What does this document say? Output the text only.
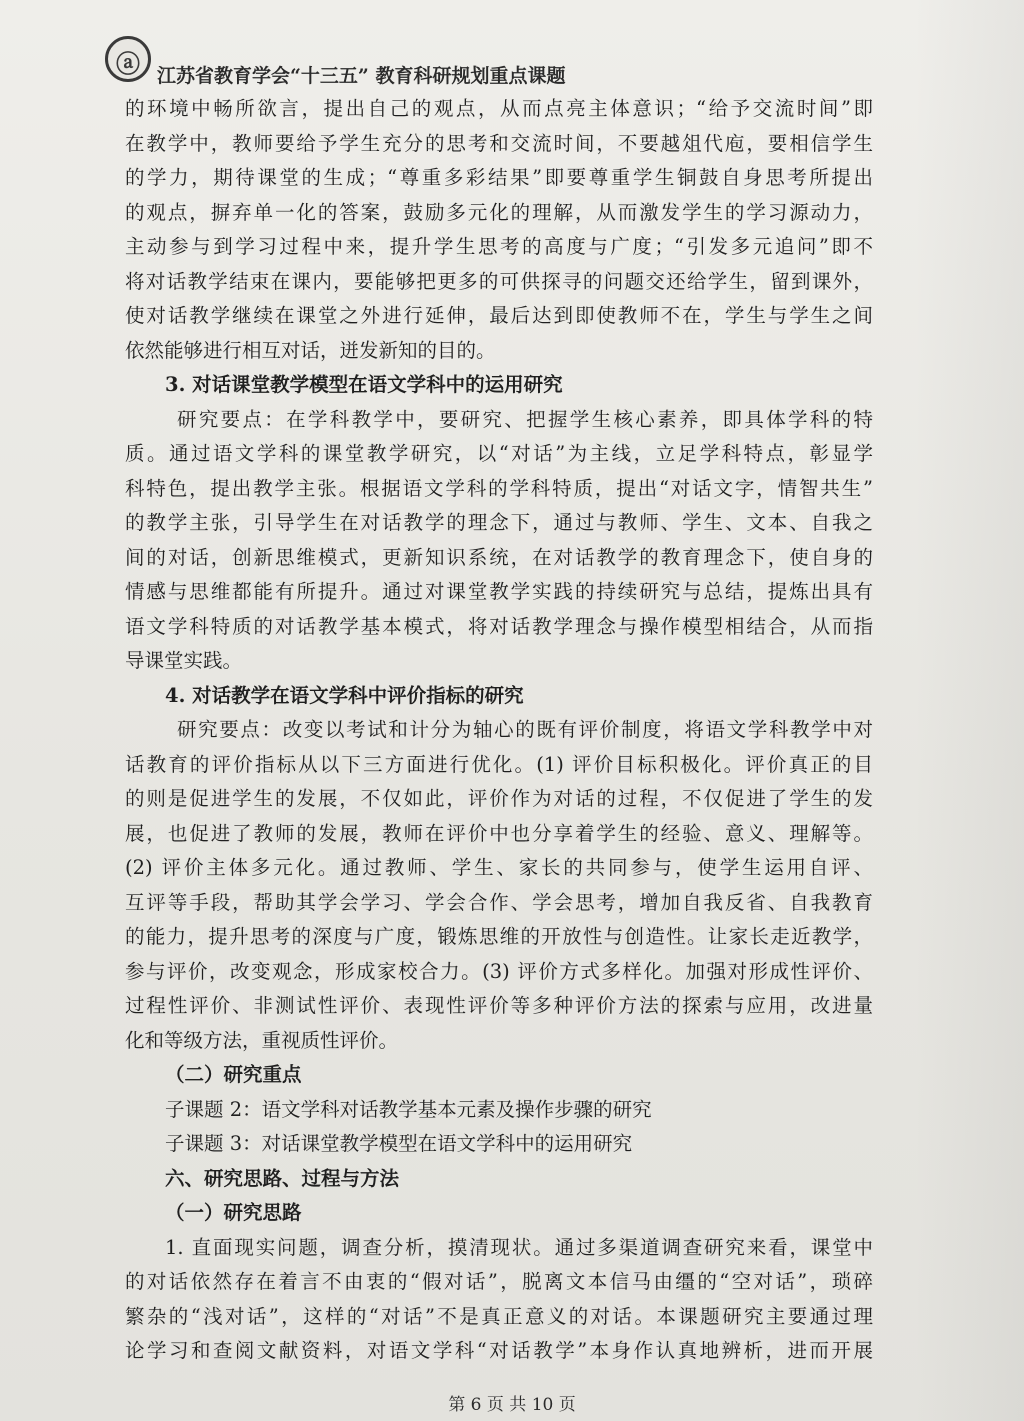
ⓐ 江苏省教育学会“十三五” 教育科研规划重点课题
的环境中畅所欲言，提出自己的观点，从而点亮主体意识；“给予交流时间”即
在教学中，教师要给予学生充分的思考和交流时间，不要越俎代庖，要相信学生
的学力，期待课堂的生成；“尊重多彩结果”即要尊重学生铜鼓自身思考所提出
的观点，摒弃单一化的答案，鼓励多元化的理解，从而激发学生的学习源动力，
主动参与到学习过程中来，提升学生思考的高度与广度；“引发多元追问”即不
将对话教学结束在课内，要能够把更多的可供探寻的问题交还给学生，留到课外，
使对话教学继续在课堂之外进行延伸，最后达到即使教师不在，学生与学生之间
依然能够进行相互对话，迸发新知的目的。
3. 对话课堂教学模型在语文学科中的运用研究
研究要点：在学科教学中，要研究、把握学生核心素养，即具体学科的特
质。通过语文学科的课堂教学研究，以“对话”为主线，立足学科特点，彰显学
科特色，提出教学主张。根据语文学科的学科特质，提出“对话文字，情智共生”
的教学主张，引导学生在对话教学的理念下，通过与教师、学生、文本、自我之
间的对话，创新思维模式，更新知识系统，在对话教学的教育理念下，使自身的
情感与思维都能有所提升。通过对课堂教学实践的持续研究与总结，提炼出具有
语文学科特质的对话教学基本模式，将对话教学理念与操作模型相结合，从而指
导课堂实践。
4. 对话教学在语文学科中评价指标的研究
研究要点：改变以考试和计分为轴心的既有评价制度，将语文学科教学中对
话教育的评价指标从以下三方面进行优化。(1) 评价目标积极化。评价真正的目
的则是促进学生的发展，不仅如此，评价作为对话的过程，不仅促进了学生的发
展，也促进了教师的发展，教师在评价中也分享着学生的经验、意义、理解等。
(2) 评价主体多元化。通过教师、学生、家长的共同参与，使学生运用自评、
互评等手段，帮助其学会学习、学会合作、学会思考，增加自我反省、自我教育
的能力，提升思考的深度与广度，锻炼思维的开放性与创造性。让家长走近教学，
参与评价，改变观念，形成家校合力。(3) 评价方式多样化。加强对形成性评价、
过程性评价、非测试性评价、表现性评价等多种评价方法的探索与应用，改进量
化和等级方法，重视质性评价。
（二）研究重点
子课题 2：语文学科对话教学基本元素及操作步骤的研究
子课题 3：对话课堂教学模型在语文学科中的运用研究
六、研究思路、过程与方法
（一）研究思路
1. 直面现实问题，调查分析，摸清现状。通过多渠道调查研究来看，课堂中
的对话依然存在着言不由衷的“假对话”，脱离文本信马由缰的“空对话”，琐碎
繁杂的“浅对话”，这样的“对话”不是真正意义的对话。本课题研究主要通过理
论学习和查阅文献资料，对语文学科“对话教学”本身作认真地辨析，进而开展
第 6 页 共 10 页
